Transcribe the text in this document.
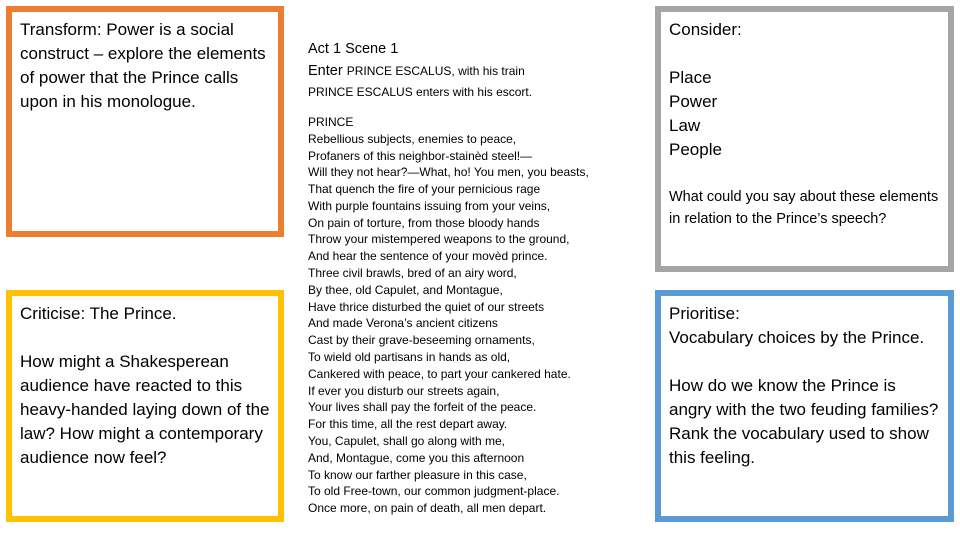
Transform: Power is a social construct – explore the elements of power that the Prince calls upon in his monologue.

Criticise: The Prince.

How might a Shakesperean audience have reacted to this heavy-handed laying down of the law? How might a contemporary audience now feel?

Act 1 Scene 1

Enter PRINCE ESCALUS, with his train

PRINCE ESCALUS enters with his escort.

PRINCE

Rebellious subjects, enemies to peace,

Profaners of this neighbor-stainèd steel!—

Will they not hear?—What, ho! You men, you beasts,

That quench the fire of your pernicious rage

With purple fountains issuing from your veins,

On pain of torture, from those bloody hands

Throw your mistempered weapons to the ground,

And hear the sentence of your movèd prince.

Three civil brawls, bred of an airy word,

By thee, old Capulet, and Montague,

Have thrice disturbed the quiet of our streets

And made Verona’s ancient citizens

Cast by their grave-beseeming ornaments,

To wield old partisans in hands as old,

Cankered with peace, to part your cankered hate.

If ever you disturb our streets again,

Your lives shall pay the forfeit of the peace.

For this time, all the rest depart away.

You, Capulet, shall go along with me,

And, Montague, come you this afternoon

To know our farther pleasure in this case,

To old Free-town, our common judgment-place.

Once more, on pain of death, all men depart.

Consider:

Place

Power

Law

People

What could you say about these elements in relation to the Prince’s speech?

Prioritise:

Vocabulary choices by the Prince.

How do we know the Prince is angry with the two feuding families?

Rank the vocabulary used to show this feeling.
